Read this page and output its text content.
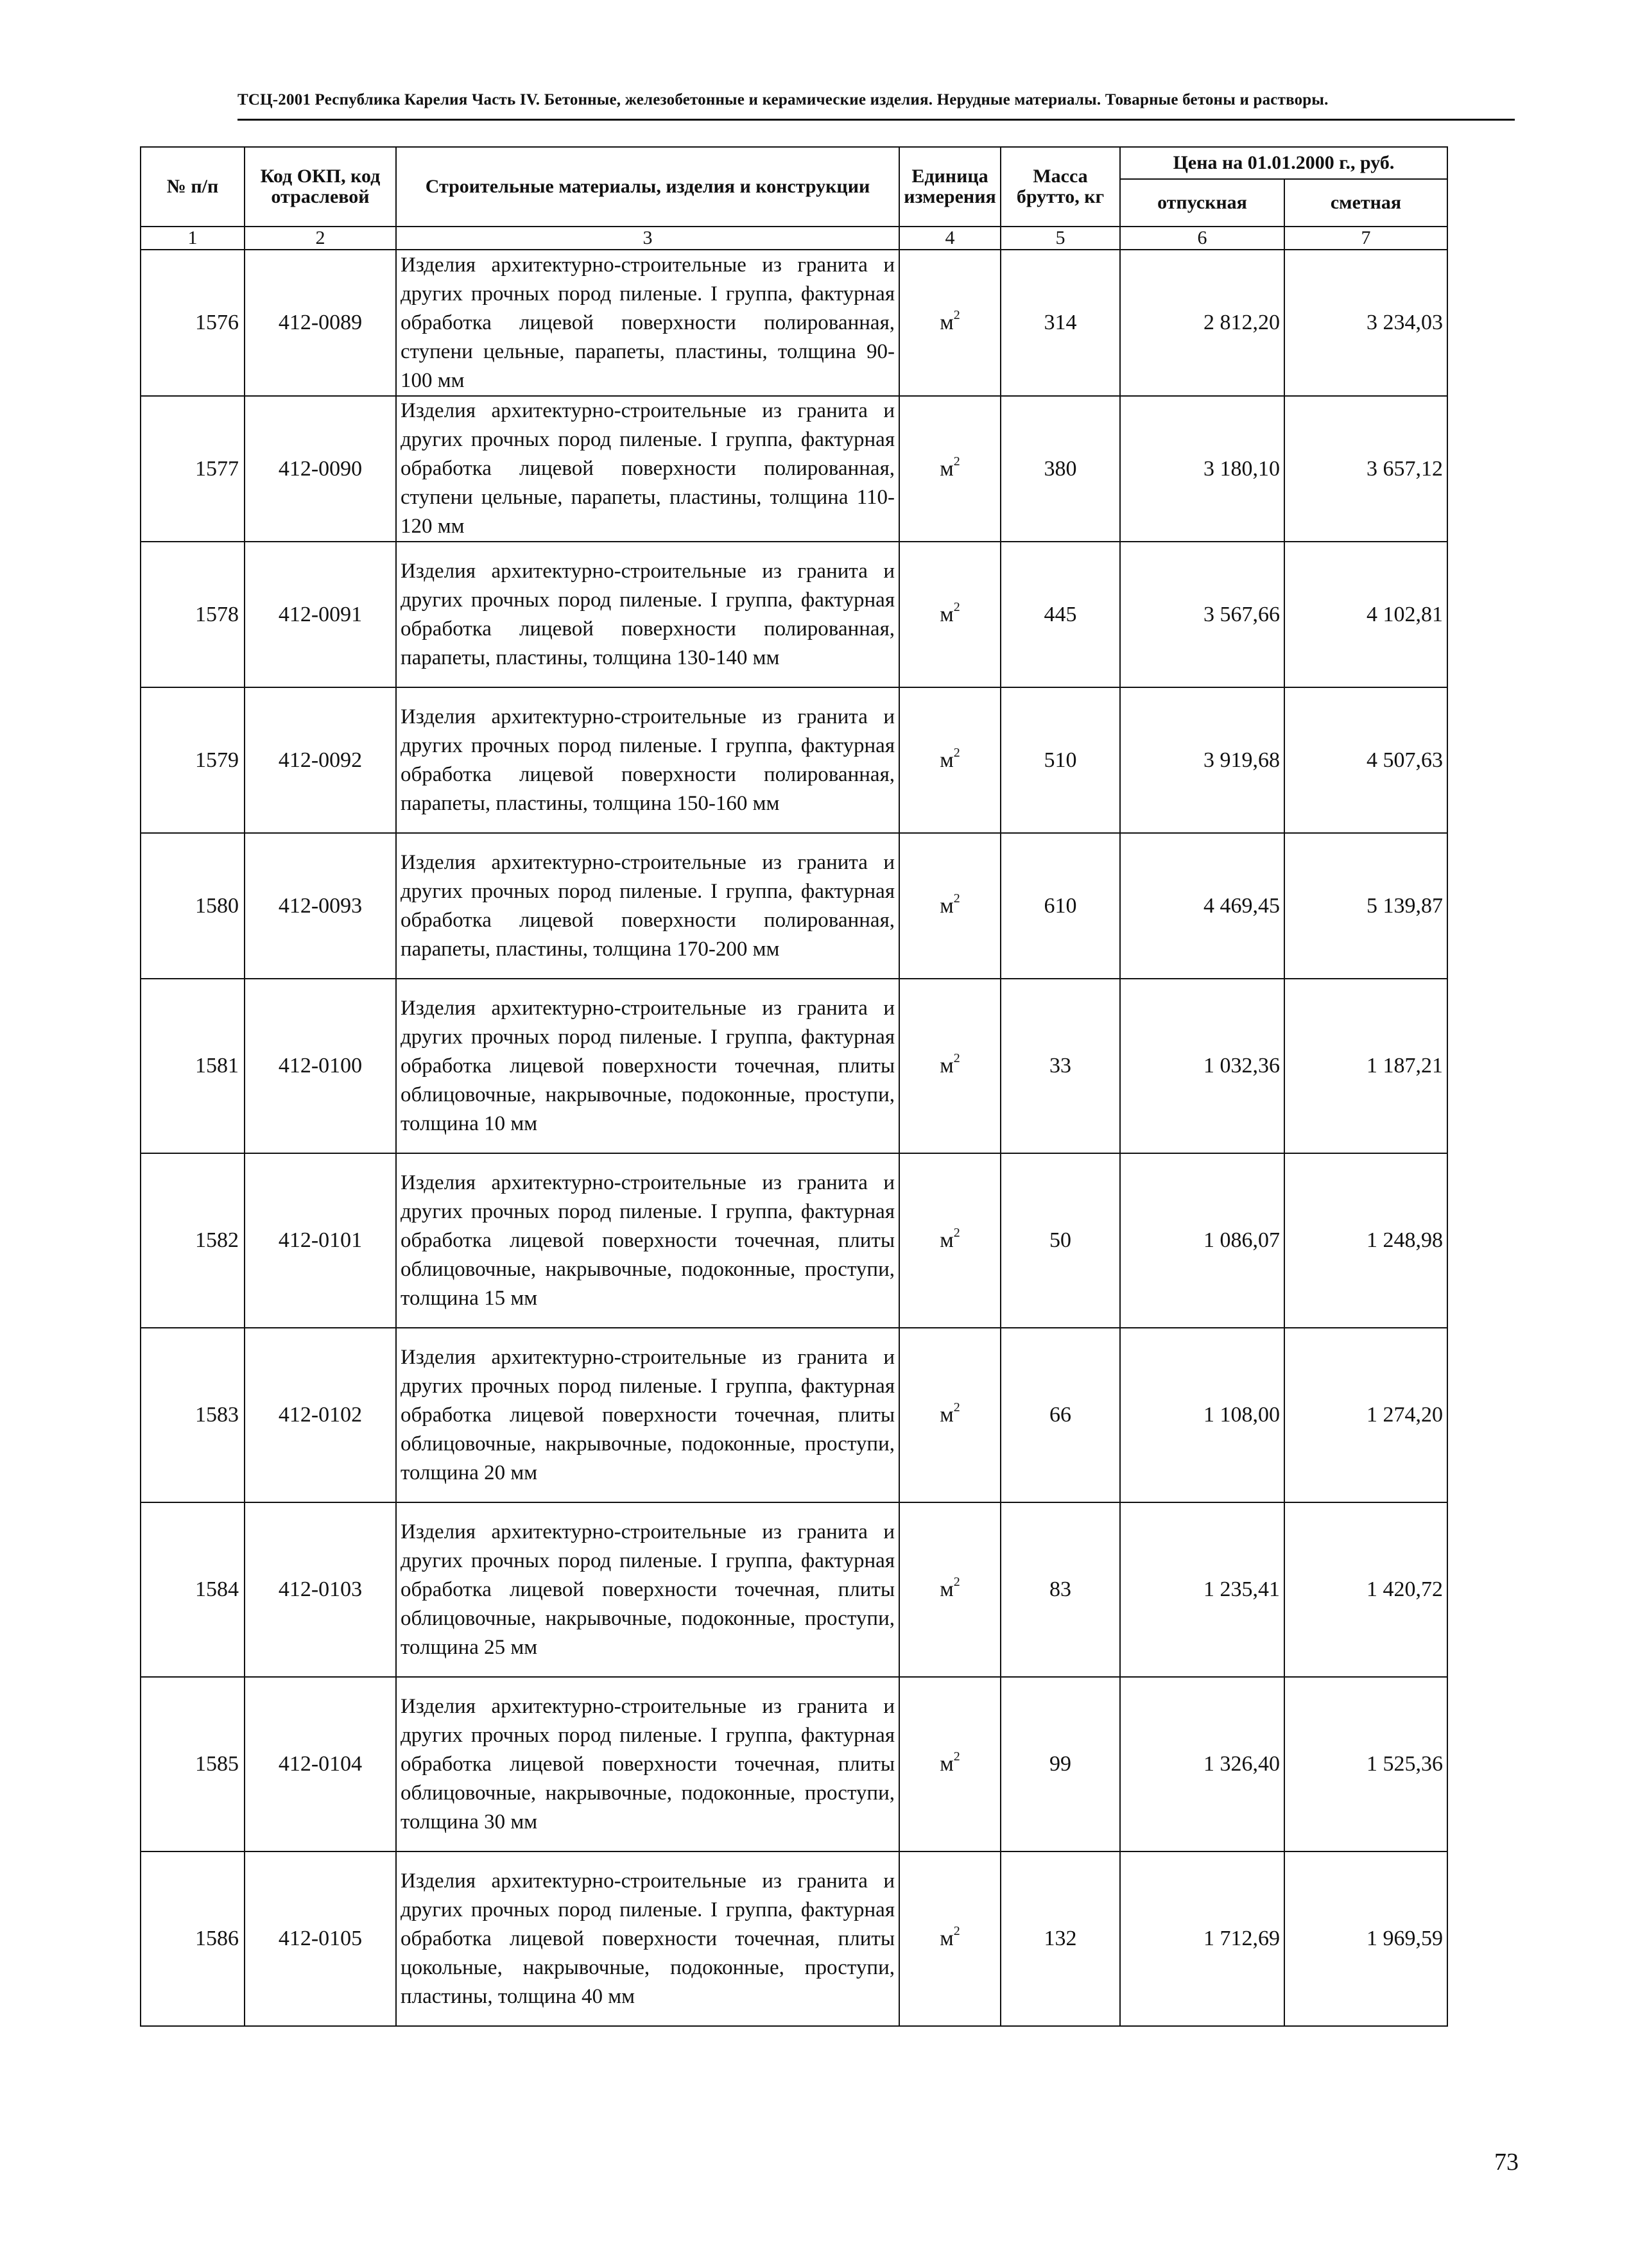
ТСЦ-2001 Республика Карелия Часть IV. Бетонные, железобетонные и керамические изделия. Нерудные материалы. Товарные бетоны и растворы.
№ п/п	Код ОКП, код отраслевой	Строительные материалы, изделия и конструкции	Единица измерения	Масса брутто, кг	Цена на 01.01.2000 г., руб.	
					отпускная	сметная
1	2	3	4	5	6	7
1576	412-0089	Изделия архитектурно-строительные из гранита и других прочных пород пиленые. I группа, фактурная обработка лицевой поверхности полированная, ступени цельные, парапеты, пластины, толщина 90-100 мм	$м^2$	314	2 812,20	3 234,03
1577	412-0090	Изделия архитектурно-строительные из гранита и других прочных пород пиленые. I группа, фактурная обработка лицевой поверхности полированная, ступени цельные, парапеты, пластины, толщина 110-120 мм	$м^2$	380	3 180,10	3 657,12
1578	412-0091	Изделия архитектурно-строительные из гранита и других прочных пород пиленые. I группа, фактурная обработка лицевой поверхности полированная, парапеты, пластины, толщина 130-140 мм	$м^2$	445	3 567,66	4 102,81
1579	412-0092	Изделия архитектурно-строительные из гранита и других прочных пород пиленые. I группа, фактурная обработка лицевой поверхности полированная, парапеты, пластины, толщина 150-160 мм	$м^2$	510	3 919,68	4 507,63
1580	412-0093	Изделия архитектурно-строительные из гранита и других прочных пород пиленые. I группа, фактурная обработка лицевой поверхности полированная, парапеты, пластины, толщина 170-200 мм	$м^2$	610	4 469,45	5 139,87
1581	412-0100	Изделия архитектурно-строительные из гранита и других прочных пород пиленые. I группа, фактурная обработка лицевой поверхности точечная, плиты облицовочные, накрывочные, подоконные, проступи, толщина 10 мм	$м^2$	33	1 032,36	1 187,21
1582	412-0101	Изделия архитектурно-строительные из гранита и других прочных пород пиленые. I группа, фактурная обработка лицевой поверхности точечная, плиты облицовочные, накрывочные, подоконные, проступи, толщина 15 мм	$м^2$	50	1 086,07	1 248,98
1583	412-0102	Изделия архитектурно-строительные из гранита и других прочных пород пиленые. I группа, фактурная обработка лицевой поверхности точечная, плиты облицовочные, накрывочные, подоконные, проступи, толщина 20 мм	$м^2$	66	1 108,00	1 274,20
1584	412-0103	Изделия архитектурно-строительные из гранита и других прочных пород пиленые. I группа, фактурная обработка лицевой поверхности точечная, плиты облицовочные, накрывочные, подоконные, проступи, толщина 25 мм	$м^2$	83	1 235,41	1 420,72
1585	412-0104	Изделия архитектурно-строительные из гранита и других прочных пород пиленые. I группа, фактурная обработка лицевой поверхности точечная, плиты облицовочные, накрывочные, подоконные, проступи, толщина 30 мм	$м^2$	99	1 326,40	1 525,36
1586	412-0105	Изделия архитектурно-строительные из гранита и других прочных пород пиленые. I группа, фактурная обработка лицевой поверхности точечная, плиты цокольные, накрывочные, подоконные, проступи, пластины, толщина 40 мм	$м^2$	132	1 712,69	1 969,59
73
